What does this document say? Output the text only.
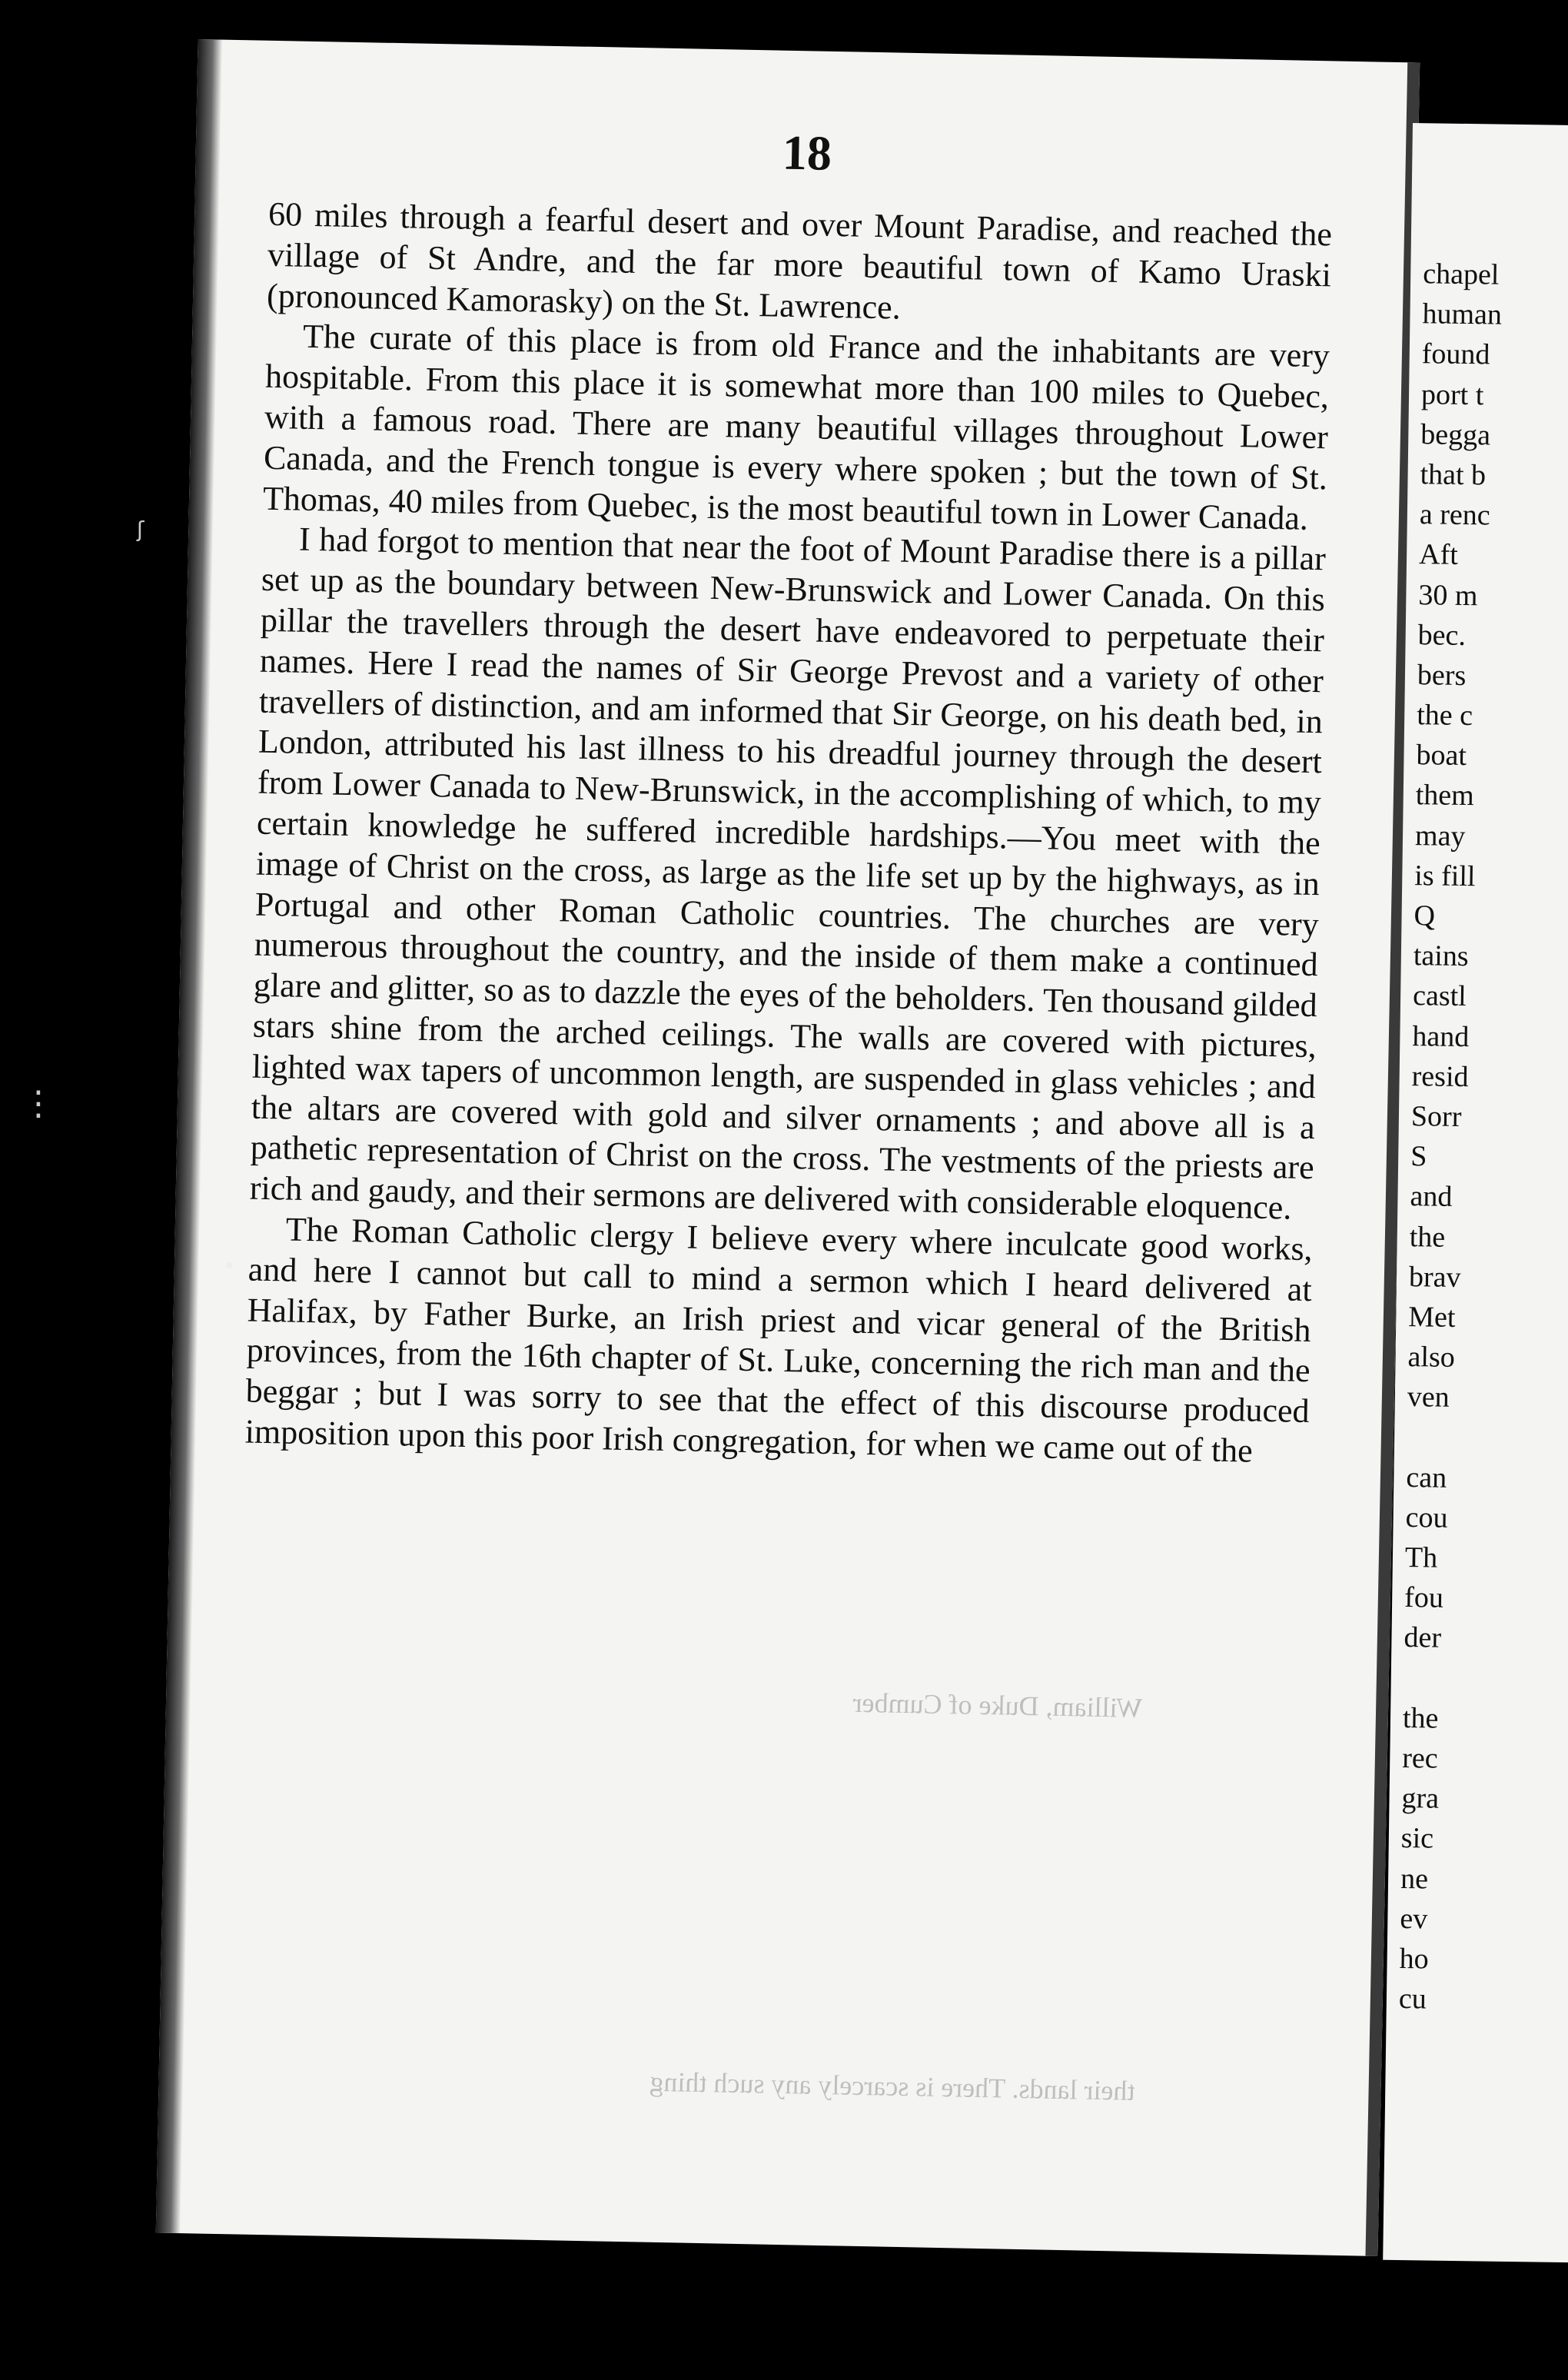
18

60 miles through a fearful desert and over Mount Paradise, and reached the village of St Andre, and the far more beautiful town of Kamo Uraski (pronounced Kamorasky) on the St. Lawrence.

The curate of this place is from old France and the inhabitants are very hospitable. From this place it is somewhat more than 100 miles to Quebec, with a famous road. There are many beautiful villages throughout Lower Canada, and the French tongue is every where spoken ; but the town of St. Thomas, 40 miles from Quebec, is the most beautiful town in Lower Canada.

I had forgot to mention that near the foot of Mount Paradise there is a pillar set up as the boundary between New-Brunswick and Lower Canada. On this pillar the travellers through the desert have endeavored to perpetuate their names. Here I read the names of Sir George Prevost and a variety of other travellers of distinction, and am informed that Sir George, on his death bed, in London, attributed his last illness to his dreadful journey through the desert from Lower Canada to New-Brunswick, in the accomplishing of which, to my certain knowledge he suffered incredible hardships.—You meet with the image of Christ on the cross, as large as the life set up by the highways, as in Portugal and other Roman Catholic countries. The churches are very numerous throughout the country, and the inside of them make a continued glare and glitter, so as to dazzle the eyes of the beholders. Ten thousand gilded stars shine from the arched ceilings. The walls are covered with pictures, lighted wax tapers of uncommon length, are suspended in glass vehicles ; and the altars are covered with gold and silver ornaments ; and above all is a pathetic representation of Christ on the cross. The vestments of the priests are rich and gaudy, and their sermons are delivered with considerable eloquence.

The Roman Catholic clergy I believe every where inculcate good works, and here I cannot but call to mind a sermon which I heard delivered at Halifax, by Father Burke, an Irish priest and vicar general of the British provinces, from the 16th chapter of St. Luke, concerning the rich man and the beggar ; but I was sorry to see that the effect of this discourse produced imposition upon this poor Irish congregation, for when we came out of the

William, Duke of Cumber
their lands. There is scarcely any such thing
chapel
human
found
port t
begga
that b
a renc
Aft
30 m
bec.
bers
the c
boat
them
may
is fill
Q
tains
castl
hand
resid
Sorr
S
and
the
brav
Met
also
ven
can
cou
Th
fou
der
the
rec
gra
sic
ne
ev
ho
cu
ʃ
⋮
•
